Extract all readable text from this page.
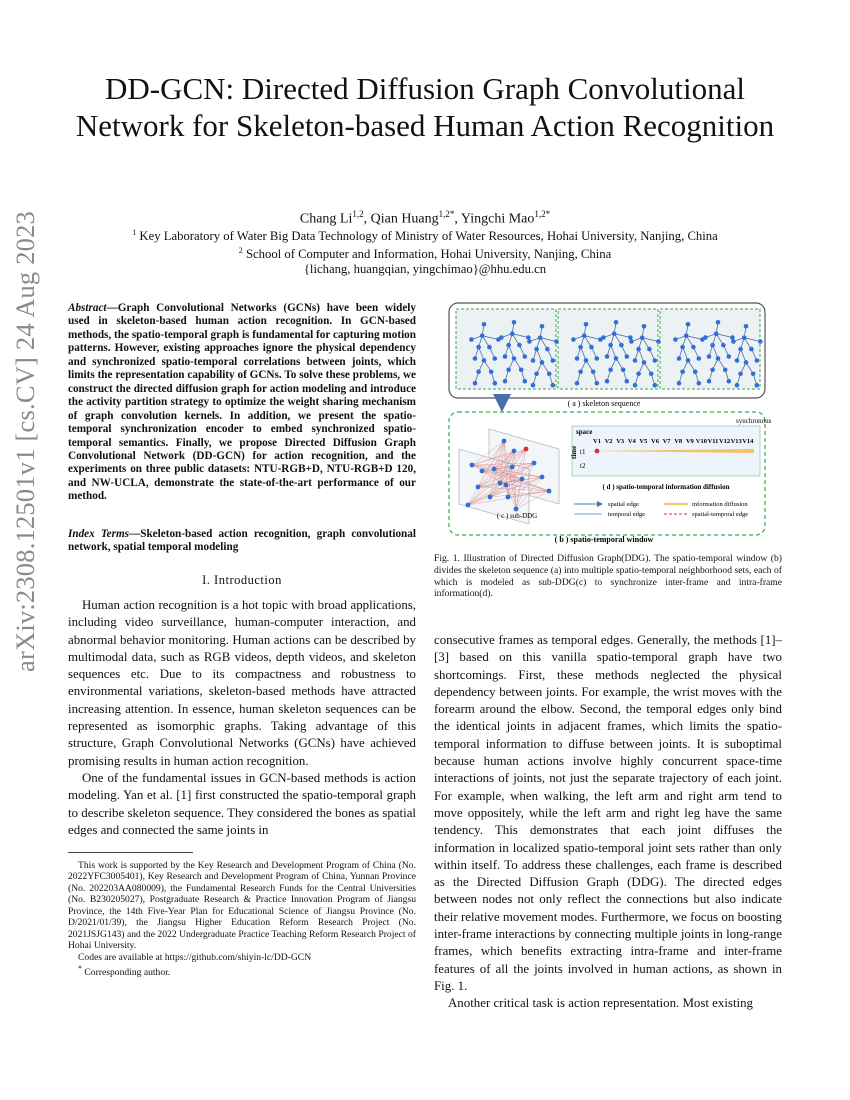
arXiv:2308.12501v1 [cs.CV] 24 Aug 2023
DD-GCN: Directed Diffusion Graph Convolutional Network for Skeleton-based Human Action Recognition
Chang Li$^{1,2}$, Qian Huang$^{1,2*}$, Yingchi Mao$^{1,2*}$
$^1$ Key Laboratory of Water Big Data Technology of Ministry of Water Resources, Hohai University, Nanjing, China
$^2$ School of Computer and Information, Hohai University, Nanjing, China
{lichang, huangqian, yingchimao}@hhu.edu.cn
Abstract—Graph Convolutional Networks (GCNs) have been widely used in skeleton-based human action recognition. In GCN-based methods, the spatio-temporal graph is fundamental for capturing motion patterns. However, existing approaches ignore the physical dependency and synchronized spatio-temporal correlations between joints, which limits the representation capability of GCNs. To solve these problems, we construct the directed diffusion graph for action modeling and introduce the activity partition strategy to optimize the weight sharing mechanism of graph convolution kernels. In addition, we present the spatio-temporal synchronization encoder to embed synchronized spatio-temporal semantics. Finally, we propose Directed Diffusion Graph Convolutional Network (DD-GCN) for action recognition, and the experiments on three public datasets: NTU-RGB+D, NTU-RGB+D 120, and NW-UCLA, demonstrate the state-of-the-art performance of our method.
Index Terms—Skeleton-based action recognition, graph convolutional network, spatial temporal modeling
I. Introduction

Human action recognition is a hot topic with broad applications, including video surveillance, human-computer interaction, and abnormal behavior monitoring. Human actions can be described by multimodal data, such as RGB videos, depth videos, and skeleton sequences etc. Due to its compactness and robustness to environmental variations, skeleton-based methods have attracted increasing attention. In essence, human skeleton sequences can be represented as isomorphic graphs. Taking advantage of this structure, Graph Convolutional Networks (GCNs) have achieved promising results in human action recognition.

One of the fundamental issues in GCN-based methods is action modeling. Yan et al. [1] first constructed the spatio-temporal graph to describe skeleton sequence. They considered the bones as spatial edges and connected the same joints in

This work is supported by the Key Research and Development Program of China (No. 2022YFC3005401), Key Research and Development Program of China, Yunnan Province (No. 202203AA080009), the Fundamental Research Funds for the Central Universities (No. B230205027), Postgraduate Research & Practice Innovation Program of Jiangsu Province, the 14th Five-Year Plan for Educational Science of Jiangsu Province (No. D/2021/01/39), the Jiangsu Higher Education Reform Research Project (No. 2021JSJG143) and the 2022 Undergraduate Practice Teaching Reform Research Project of Hohai University.

Codes are available at https://github.com/shiyin-lc/DD-GCN

* Corresponding author.

( a ) skeleton sequence
( c ) sub-DDG
synchronous
space
time t1
t2
V1 V2 V3 V4 V5 V6 V7 V8 V9 V10 V11 V12 V13 V14
( d ) spatio-temporal information diffusion
spatial edge
temporal edge
information diffusion
spatial-temporal edge
( b ) spatio-temporal window
Fig. 1. Illustration of Directed Diffusion Graph(DDG). The spatio-temporal window (b) divides the skeleton sequence (a) into multiple spatio-temporal neighborhood sets, each of which is modeled as sub-DDG(c) to synchronize inter-frame and intra-frame information(d).

consecutive frames as temporal edges. Generally, the methods [1]–[3] based on this vanilla spatio-temporal graph have two shortcomings. First, these methods neglected the physical dependency between joints. For example, the wrist moves with the forearm around the elbow. Second, the temporal edges only bind the identical joints in adjacent frames, which limits the spatio-temporal information to diffuse between joints. It is suboptimal because human actions involve highly concurrent space-time interactions of joints, not just the separate trajectory of each joint. For example, when walking, the left arm and right arm tend to move oppositely, while the left arm and right leg have the same tendency. This demonstrates that each joint diffuses the information in localized spatio-temporal joint sets rather than only within itself. To address these challenges, each frame is described as the Directed Diffusion Graph (DDG). The directed edges between nodes not only reflect the connections but also indicate their relative movement modes. Furthermore, we focus on boosting inter-frame interactions by connecting multiple joints in long-range frames, which benefits extracting intra-frame and inter-frame features of all the joints involved in human actions, as shown in Fig. 1.

Another critical task is action representation. Most existing
